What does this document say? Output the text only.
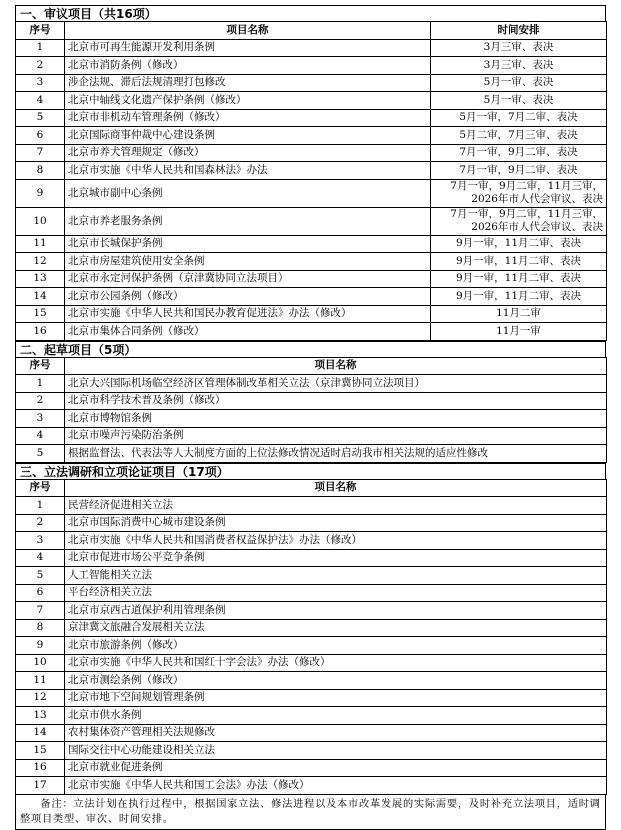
一、审议项目（共16项）
序号	项目名称	时间安排
1	北京市可再生能源开发利用条例	3月三审、表决
2	北京市消防条例（修改）	3月三审、表决
3	涉企法规、滞后法规清理打包修改	5月一审、表决
4	北京中轴线文化遗产保护条例（修改）	5月一审、表决
5	北京市非机动车管理条例（修改）	5月一审，7月二审、表决
6	北京国际商事仲裁中心建设条例	5月二审，7月三审、表决
7	北京市养犬管理规定（修改）	7月一审，9月二审、表决
8	北京市实施《中华人民共和国森林法》办法	7月一审，9月二审、表决
9	北京城市副中心条例	7月一审，9月二审，11月三审，
2026年市人代会审议、表决

10	北京市养老服务条例	7月一审，9月二审，11月三审，
2026年市人代会审议、表决

11	北京市长城保护条例	9月一审，11月二审、表决
12	北京市房屋建筑使用安全条例	9月一审，11月二审、表决
13	北京市永定河保护条例（京津冀协同立法项目）	9月一审，11月二审、表决
14	北京市公园条例（修改）	9月一审，11月二审、表决
15	北京市实施《中华人民共和国民办教育促进法》办法（修改）	11月二审
16	北京市集体合同条例（修改）	11月一审
二、起草项目（5项）
序号	项目名称
1	北京大兴国际机场临空经济区管理体制改革相关立法（京津冀协同立法项目）
2	北京市科学技术普及条例（修改）
3	北京市博物馆条例
4	北京市噪声污染防治条例
5	根据监督法、代表法等人大制度方面的上位法修改情况适时启动我市相关法规的适应性修改
三、立法调研和立项论证项目（17项）
序号	项目名称
1	民营经济促进相关立法
2	北京市国际消费中心城市建设条例
3	北京市实施《中华人民共和国消费者权益保护法》办法（修改）
4	北京市促进市场公平竞争条例
5	人工智能相关立法
6	平台经济相关立法
7	北京市京西古道保护利用管理条例
8	京津冀文旅融合发展相关立法
9	北京市旅游条例（修改）
10	北京市实施《中华人民共和国红十字会法》办法（修改）
11	北京市测绘条例（修改）
12	北京市地下空间规划管理条例
13	北京市供水条例
14	农村集体资产管理相关法规修改
15	国际交往中心功能建设相关立法
16	北京市就业促进条例
17	北京市实施《中华人民共和国工会法》办法（修改）
备注：立法计划在执行过程中，根据国家立法、修法进程以及本市改革发展的实际需要，及时补充立法项目，适时调整项目类型、审次、时间安排。
